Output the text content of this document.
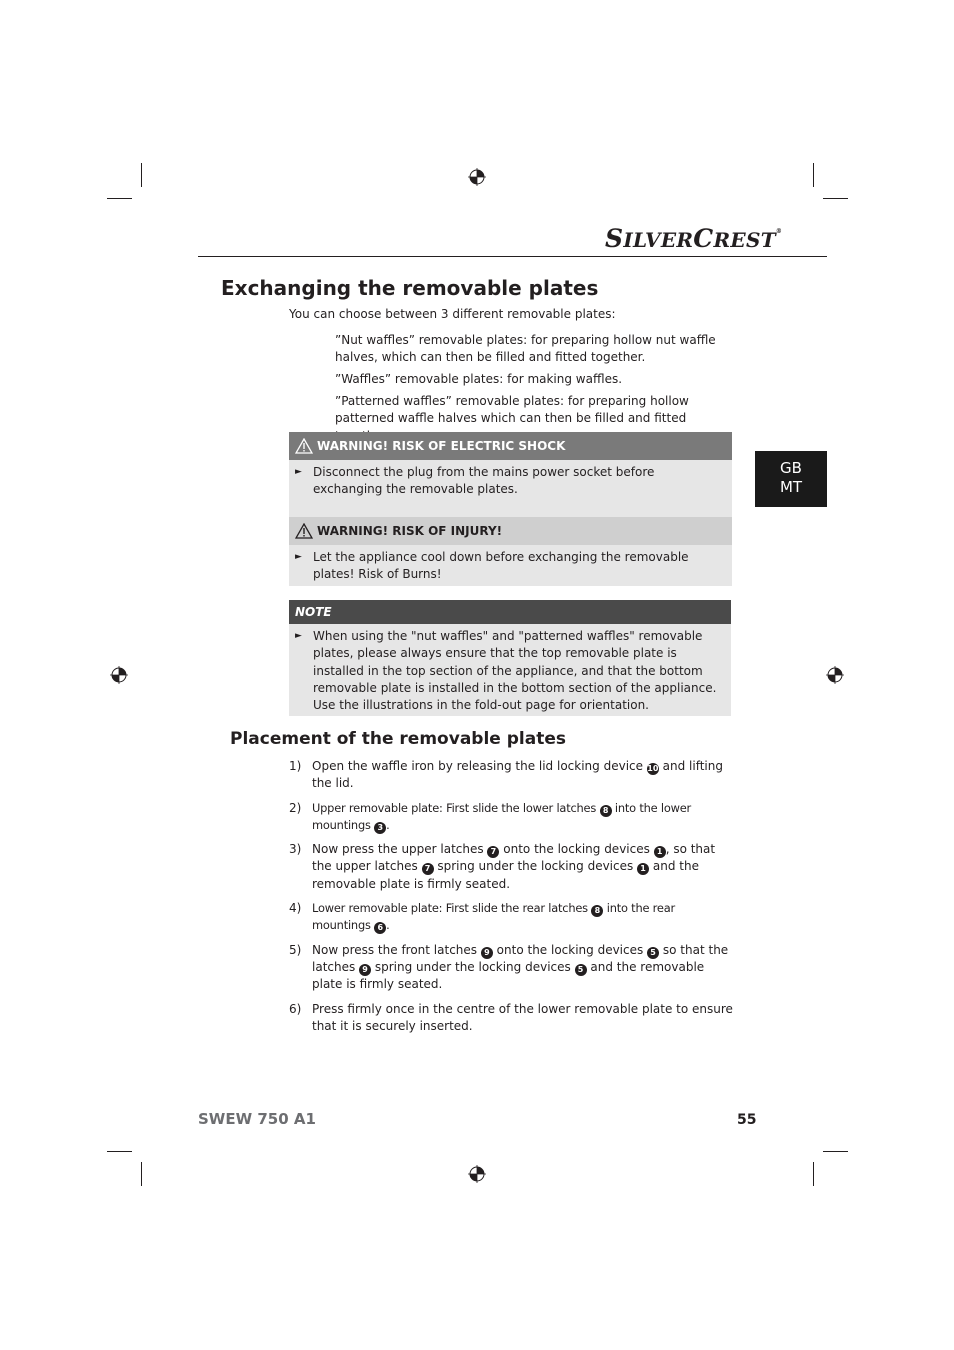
SILVERCREST®
Exchanging the removable plates
You can choose between 3 different removable plates:
”Nut waffles” removable plates: for preparing hollow nut waffle halves, which can then be filled and fitted together.
”Waffles” removable plates: for making waffles.
”Patterned waffles” removable plates: for preparing hollow patterned waffle halves which can then be filled and fitted
WARNING! RISK OF ELECTRIC SHOCK
► Disconnect the plug from the mains power socket before exchanging the removable plates.
WARNING! RISK OF INJURY!
► Let the appliance cool down before exchanging the removable plates! Risk of Burns!
NOTE
► When using the "nut waffles" and "patterned waffles" removable plates, please always ensure that the top removable plate is installed in the top section of the appliance, and that the bottom removable plate is installed in the bottom section of the appliance. Use the illustrations in the fold-out page for orientation.
Placement of the removable plates
1) Open the waffle iron by releasing the lid locking device 10 and lifting the lid.
2) Upper removable plate: First slide the lower latches 8 into the lower mountings 3 .
3) Now press the upper latches 7 onto the locking devices 1 , so that the upper latches 7 spring under the locking devices 1 and the removable plate is firmly seated.
4) Lower removable plate: First slide the rear latches 8 into the rear mountings 6 .
5) Now press the front latches 9 onto the locking devices 5 so that the latches 9 spring under the locking devices 5 and the removable plate is firmly seated.
6) Press firmly once in the centre of the lower removable plate to ensure that it is securely inserted.
GB
MT
SWEW 750 A1	55
